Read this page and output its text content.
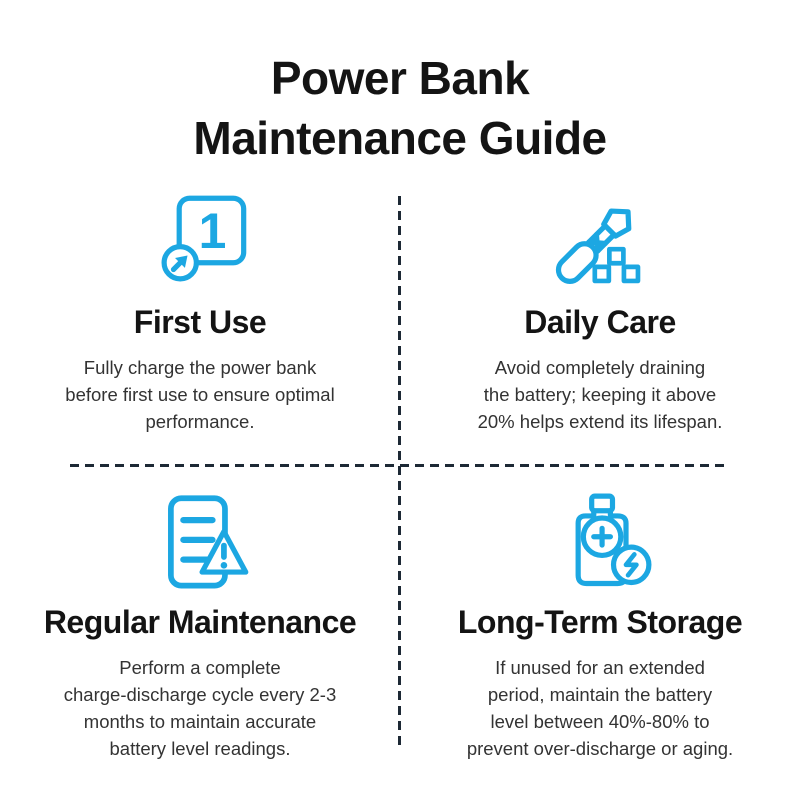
Power Bank
Maintenance Guide
1
First Use
Fully charge the power bank
before first use to ensure optimal
performance.
Daily Care
Avoid completely draining
the battery; keeping it above
20% helps extend its lifespan.
Regular Maintenance
Perform a complete
charge-discharge cycle every 2-3
months to maintain accurate
battery level readings.
Long-Term Storage
If unused for an extended
period, maintain the battery
level between 40%-80% to
prevent over-discharge or aging.
